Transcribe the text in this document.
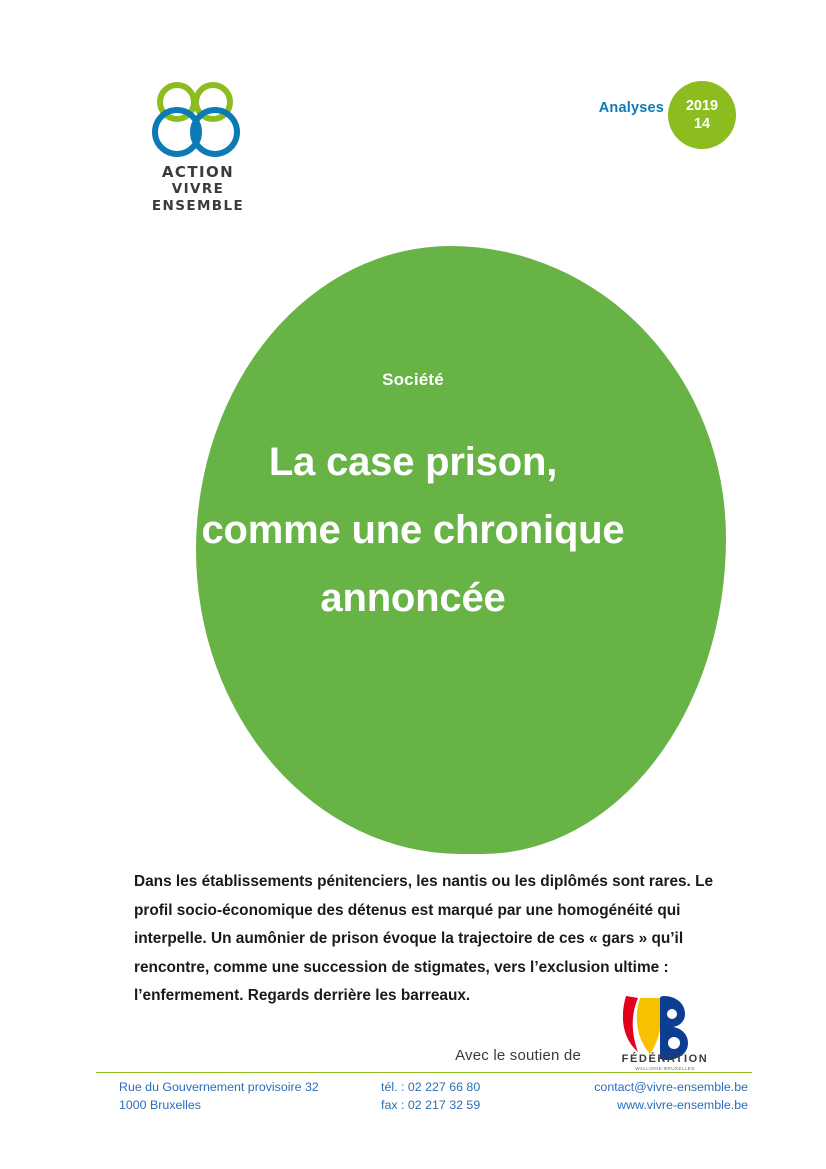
ACTION
VIVRE ENSEMBLE
Analyses 2019
14
Société
La case prison,
comme une chronique
annoncée
Dans les établissements pénitenciers, les nantis ou les diplômés sont rares. Le profil socio-économique des détenus est marqué par une homogénéité qui interpelle. Un aumônier de prison évoque la trajectoire de ces « gars » qu’il rencontre, comme une succession de stigmates, vers l’exclusion ultime : l’enfermement. Regards derrière les barreaux.
Avec le soutien de	FÉDÉRATION
WALLONIE-BRUXELLES
Rue du Gouvernement provisoire 32
1000 Bruxelles
tél. : 02 227 66 80
fax : 02 217 32 59
contact@vivre-ensemble.be
www.vivre-ensemble.be
